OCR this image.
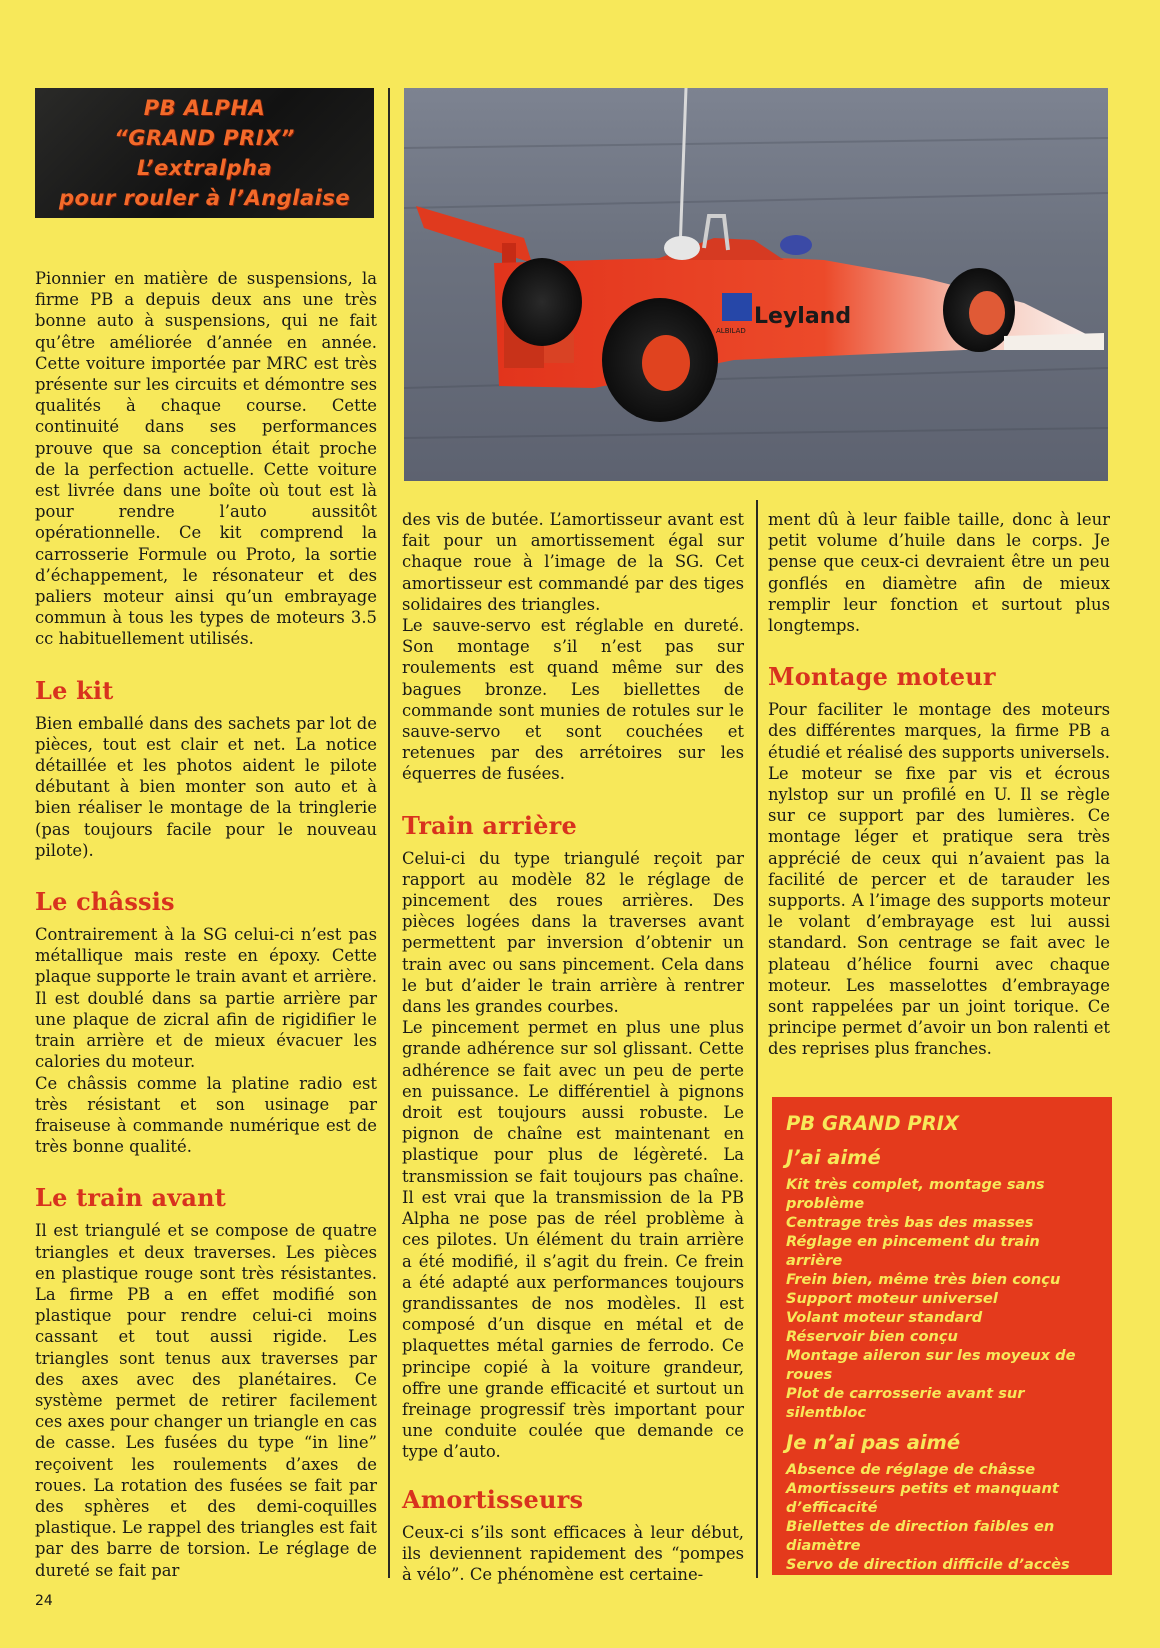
PB ALPHA
“GRAND PRIX”
L’extralpha
pour rouler à l’Anglaise
Leyland
ALBILAD

Pionnier en matière de suspensions, la firme PB a depuis deux ans une très bonne auto à suspensions, qui ne fait qu’être améliorée d’année en année. Cette voiture importée par MRC est très présente sur les circuits et démontre ses qualités à chaque course. Cette continuité dans ses performances prouve que sa conception était proche de la perfection actuelle. Cette voiture est livrée dans une boîte où tout est là pour rendre l’auto aussitôt opérationnelle. Ce kit comprend la carrosserie Formule ou Proto, la sortie d’échappement, le résonateur et des paliers moteur ainsi qu’un embrayage commun à tous les types de moteurs 3.5 cc habituellement utilisés.

Le kit

Bien emballé dans des sachets par lot de pièces, tout est clair et net. La notice détaillée et les photos aident le pilote débutant à bien monter son auto et à bien réaliser le montage de la tringlerie (pas toujours facile pour le nouveau pilote).

Le châssis

Contrairement à la SG celui-ci n’est pas métallique mais reste en époxy. Cette plaque supporte le train avant et arrière. Il est doublé dans sa partie arrière par une plaque de zicral afin de rigidifier le train arrière et de mieux évacuer les calories du moteur.

Ce châssis comme la platine radio est très résistant et son usinage par fraiseuse à commande numérique est de très bonne qualité.

Le train avant

Il est triangulé et se compose de quatre triangles et deux traverses. Les pièces en plastique rouge sont très résistantes. La firme PB a en effet modifié son plastique pour rendre celui-ci moins cassant et tout aussi rigide. Les triangles sont tenus aux traverses par des axes avec des planétaires. Ce système permet de retirer facilement ces axes pour changer un triangle en cas de casse. Les fusées du type “in line” reçoivent les roulements d’axes de roues. La rotation des fusées se fait par des sphères et des demi-coquilles plastique. Le rappel des triangles est fait par des barre de torsion. Le réglage de dureté se fait par

des vis de butée. L’amortisseur avant est fait pour un amortissement égal sur chaque roue à l’image de la SG. Cet amortisseur est commandé par des tiges solidaires des triangles.

Le sauve-servo est réglable en dureté. Son montage s’il n’est pas sur roulements est quand même sur des bagues bronze. Les biellettes de commande sont munies de rotules sur le sauve-servo et sont couchées et retenues par des arrétoires sur les équerres de fusées.

Train arrière

Celui-ci du type triangulé reçoit par rapport au modèle 82 le réglage de pincement des roues arrières. Des pièces logées dans la traverses avant permettent par inversion d’obtenir un train avec ou sans pincement. Cela dans le but d’aider le train arrière à rentrer dans les grandes courbes.

Le pincement permet en plus une plus grande adhérence sur sol glissant. Cette adhérence se fait avec un peu de perte en puissance. Le différentiel à pignons droit est toujours aussi robuste. Le pignon de chaîne est maintenant en plastique pour plus de légèreté. La transmission se fait toujours pas chaîne. Il est vrai que la transmission de la PB Alpha ne pose pas de réel problème à ces pilotes. Un élément du train arrière a été modifié, il s’agit du frein. Ce frein a été adapté aux performances toujours grandissantes de nos modèles. Il est composé d’un disque en métal et de plaquettes métal garnies de ferrodo. Ce principe copié à la voiture grandeur, offre une grande efficacité et surtout un freinage progressif très important pour une conduite coulée que demande ce type d’auto.

Amortisseurs

Ceux-ci s’ils sont efficaces à leur début, ils deviennent rapidement des “pompes à vélo”. Ce phénomène est certaine-

ment dû à leur faible taille, donc à leur petit volume d’huile dans le corps. Je pense que ceux-ci devraient être un peu gonflés en diamètre afin de mieux remplir leur fonction et surtout plus longtemps.

Montage moteur

Pour faciliter le montage des moteurs des différentes marques, la firme PB a étudié et réalisé des supports universels. Le moteur se fixe par vis et écrous nylstop sur un profilé en U. Il se règle sur ce support par des lumières. Ce montage léger et pratique sera très apprécié de ceux qui n’avaient pas la facilité de percer et de tarauder les supports. A l’image des supports moteur le volant d’embrayage est lui aussi standard. Son centrage se fait avec le plateau d’hélice fourni avec chaque moteur. Les masselottes d’embrayage sont rappelées par un joint torique. Ce principe permet d’avoir un bon ralenti et des reprises plus franches.

PB GRAND PRIX
J’ai aimé
Kit très complet, montage sans problème
Centrage très bas des masses
Réglage en pincement du train arrière
Frein bien, même très bien conçu
Support moteur universel
Volant moteur standard
Réservoir bien conçu
Montage aileron sur les moyeux de roues
Plot de carrosserie avant sur silentbloc
Je n’ai pas aimé
Absence de réglage de châsse
Amortisseurs petits et manquant d’efficacité
Biellettes de direction faibles en diamètre
Servo de direction difficile d’accès
24
